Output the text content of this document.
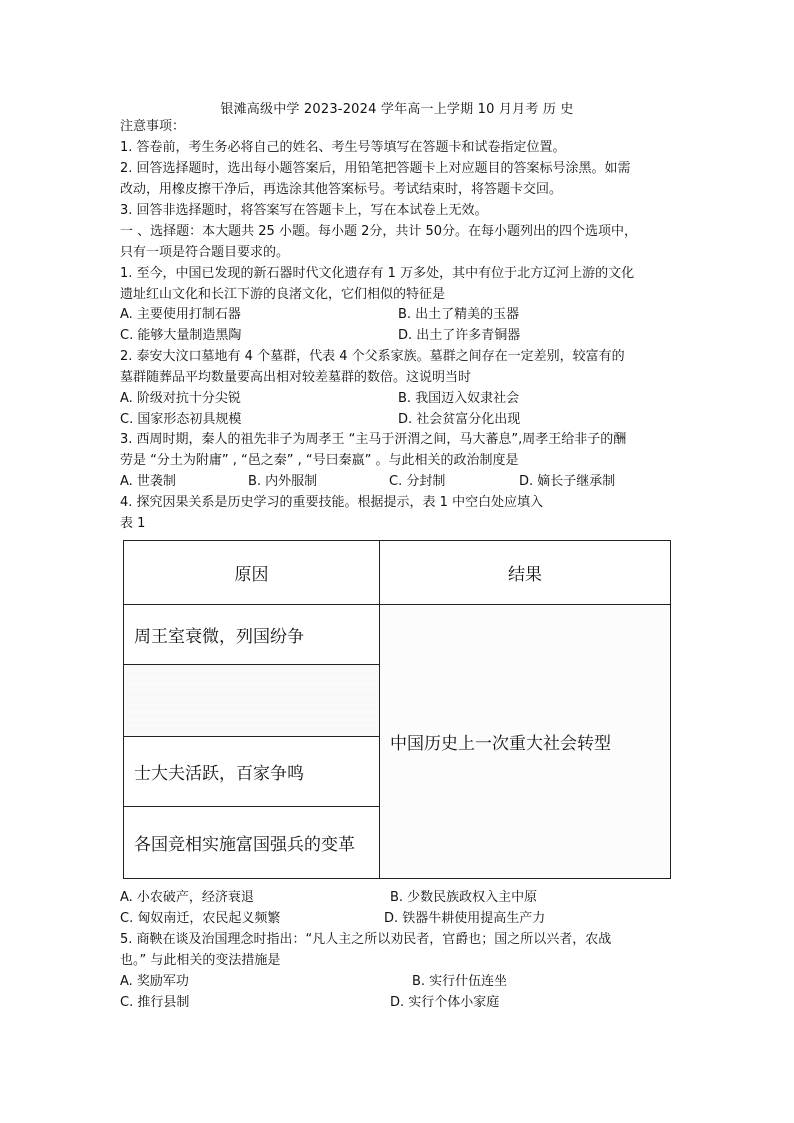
银滩高级中学 2023-2024 学年高一上学期 10 月月考 历 史
注意事项：
1. 答卷前，考生务必将自己的姓名、考生号等填写在答题卡和试卷指定位置。
2. 回答选择题时，选出每小题答案后，用铅笔把答题卡上对应题目的答案标号涂黑。如需
改动，用橡皮擦干净后，再选涂其他答案标号。考试结束时，将答题卡交回。
3. 回答非选择题时，将答案写在答题卡上，写在本试卷上无效。
一 、选择题：本大题共 25 小题。每小题 2分，共计 50分。在每小题列出的四个选项中，
只有一项是符合题目要求的。
1. 至今，中国已发现的新石器时代文化遗存有 1 万多处，其中有位于北方辽河上游的文化
遗址红山文化和长江下游的良渚文化，它们相似的特征是
A. 主要使用打制石器	B. 出土了精美的玉器
C. 能够大量制造黑陶	D. 出土了许多青铜器
2. 泰安大汶口墓地有 4 个墓群，代表 4 个父系家族。墓群之间存在一定差别，较富有的
墓群随葬品平均数量要高出相对较差墓群的数倍。这说明当时
A. 阶级对抗十分尖锐	B. 我国迈入奴隶社会
C. 国家形态初具规模	D. 社会贫富分化出现
3. 西周时期，秦人的祖先非子为周孝王 “主马于汧渭之间，马大蕃息”,周孝王给非子的酬
劳是 “分土为附庸” , “邑之秦” , “号曰秦嬴” 。与此相关的政治制度是
A. 世袭制	B. 内外服制	C. 分封制	D. 嫡长子继承制
4. 探究因果关系是历史学习的重要技能。根据提示，表 1 中空白处应填入
表 1
原因	结果
周王室衰微，列国纷争	中国历史上一次重大社会转型

士大夫活跃，百家争鸣	
各国竞相实施富国强兵的变革	
A. 小农破产，经济衰退	B. 少数民族政权入主中原
C. 匈奴南迁，农民起义频繁	D. 铁器牛耕使用提高生产力
5. 商鞅在谈及治国理念时指出：“凡人主之所以劝民者，官爵也；国之所以兴者，农战
也。” 与此相关的变法措施是
A. 奖励军功	B. 实行什伍连坐
C. 推行县制	D. 实行个体小家庭
